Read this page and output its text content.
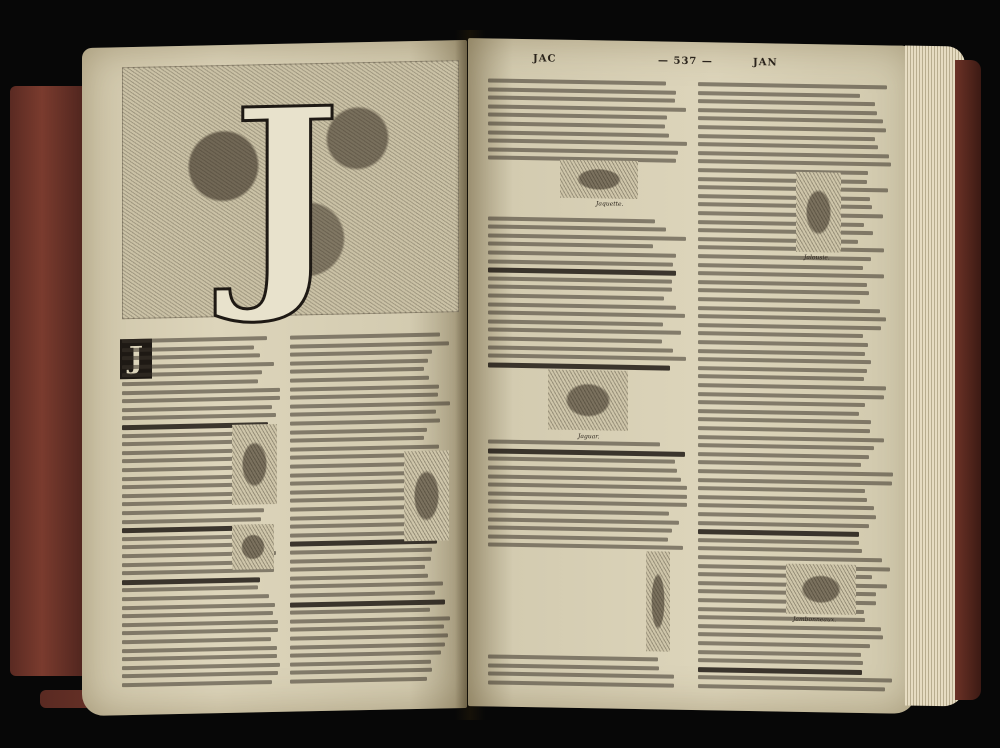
J	JAC	— 537 —	JAN
Jaquette.
Jaguar.
Jalousie.
Jambonneaux.
